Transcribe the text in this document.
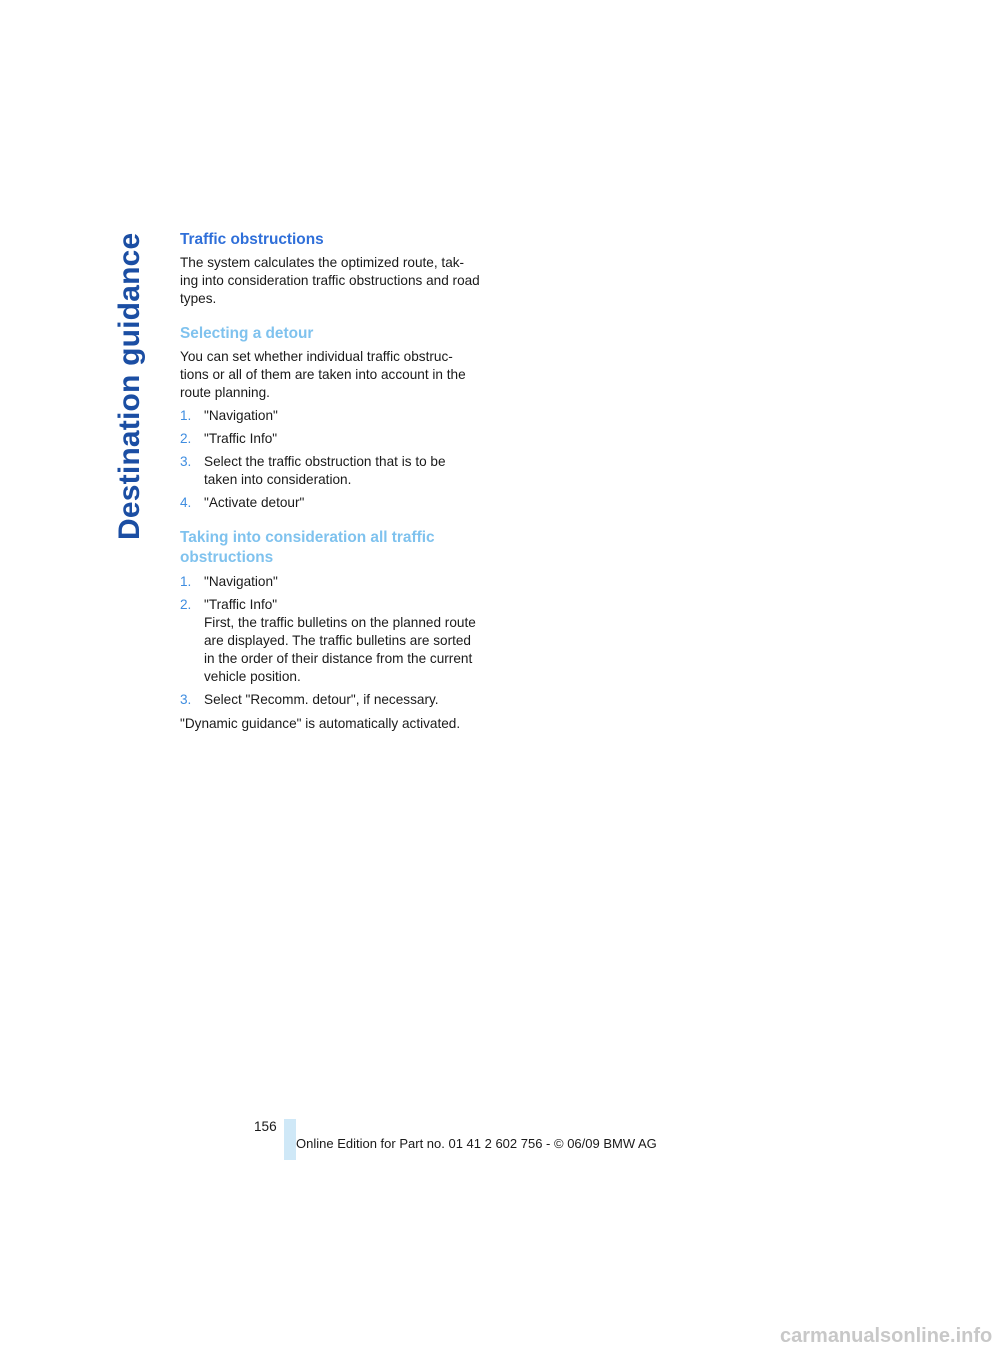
Destination guidance	Traffic obstructions

The system calculates the optimized route, tak-ing into consideration traffic obstructions and road types.

Selecting a detour

You can set whether individual traffic obstruc-tions or all of them are taken into account in the route planning.

1. "Navigation"
2. "Traffic Info"
3. Select the traffic obstruction that is to be taken into consideration.
4. "Activate detour"
Taking into consideration all traffic obstructions
1. "Navigation"
2. "Traffic Info"
First, the traffic bulletins on the planned route are displayed. The traffic bulletins are sorted in the order of their distance from the current vehicle position.
3. Select "Recomm. detour", if necessary.

"Dynamic guidance" is automatically activated.

156
Online Edition for Part no. 01 41 2 602 756 - © 06/09 BMW AG
carmanualsonline.info
